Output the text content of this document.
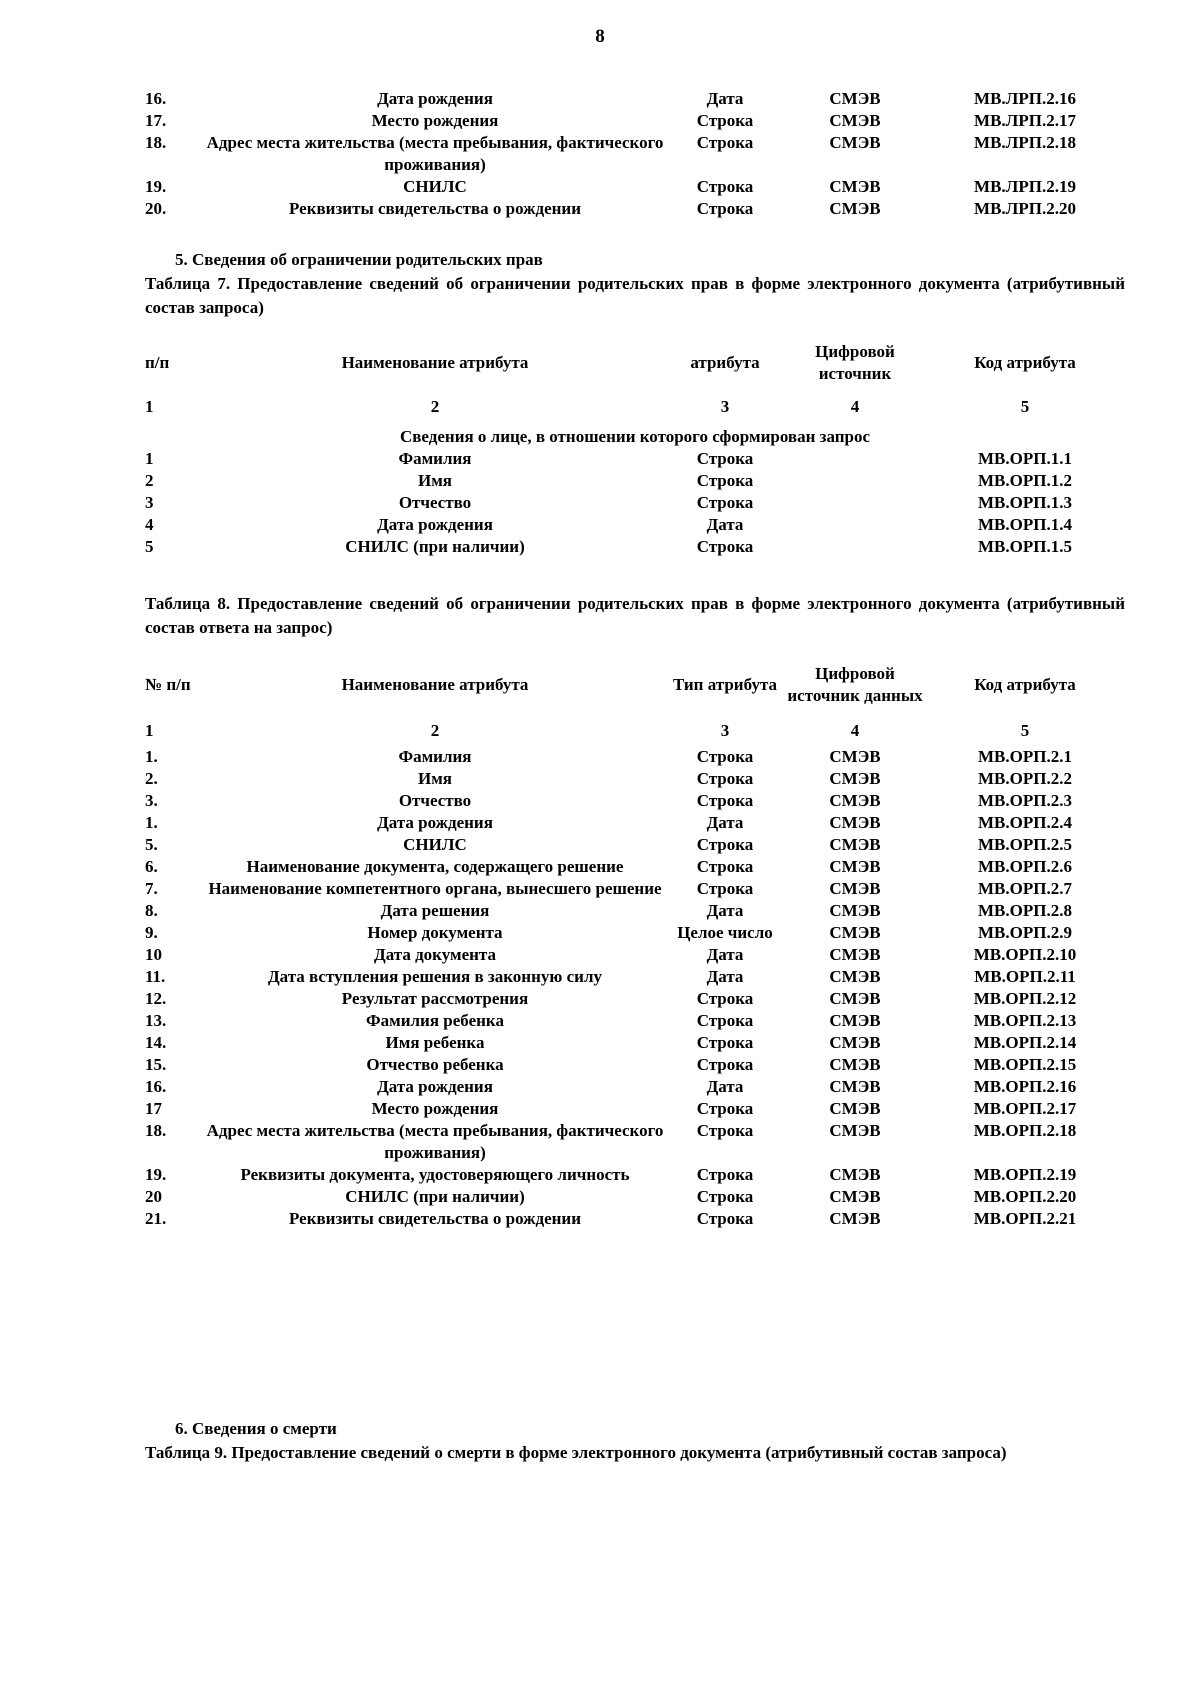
8
16.	Дата рождения	Дата	СМЭВ	МВ.ЛРП.2.16
17.	Место рождения	Строка	СМЭВ	МВ.ЛРП.2.17
18.	Адрес места жительства (места пребывания, фактического проживания)	Строка	СМЭВ	МВ.ЛРП.2.18
19.	СНИЛС	Строка	СМЭВ	МВ.ЛРП.2.19
20.	Реквизиты свидетельства о рождении	Строка	СМЭВ	МВ.ЛРП.2.20
5. Сведения об ограничении родительских прав
Таблица 7. Предоставление сведений об ограничении родительских прав в форме электронного документа (атрибутивный состав запроса)
п/п	Наименование атрибута	атрибута	Цифровой источник	Код атрибута
1	2	3	4	5
Сведения о лице, в отношении которого сформирован запрос				
1	Фамилия	Строка		МВ.ОРП.1.1
2	Имя	Строка		МВ.ОРП.1.2
3	Отчество	Строка		МВ.ОРП.1.3
4	Дата рождения	Дата		МВ.ОРП.1.4
5	СНИЛС (при наличии)	Строка		МВ.ОРП.1.5
Таблица 8. Предоставление сведений об ограничении родительских прав в форме электронного документа (атрибутивный состав ответа на запрос)
№ п/п	Наименование атрибута	Тип атрибута	Цифровой источник данных	Код атрибута
1	2	3	4	5
1.	Фамилия	Строка	СМЭВ	МВ.ОРП.2.1
2.	Имя	Строка	СМЭВ	МВ.ОРП.2.2
3.	Отчество	Строка	СМЭВ	МВ.ОРП.2.3
1.	Дата рождения	Дата	СМЭВ	МВ.ОРП.2.4
5.	СНИЛС	Строка	СМЭВ	МВ.ОРП.2.5
6.	Наименование документа, содержащего решение	Строка	СМЭВ	МВ.ОРП.2.6
7.	Наименование компетентного органа, вынесшего решение	Строка	СМЭВ	МВ.ОРП.2.7
8.	Дата решения	Дата	СМЭВ	МВ.ОРП.2.8
9.	Номер документа	Целое число	СМЭВ	МВ.ОРП.2.9
10	Дата документа	Дата	СМЭВ	МВ.ОРП.2.10
11.	Дата вступления решения в законную силу	Дата	СМЭВ	МВ.ОРП.2.11
12.	Результат рассмотрения	Строка	СМЭВ	МВ.ОРП.2.12
13.	Фамилия ребенка	Строка	СМЭВ	МВ.ОРП.2.13
14.	Имя ребенка	Строка	СМЭВ	МВ.ОРП.2.14
15.	Отчество ребенка	Строка	СМЭВ	МВ.ОРП.2.15
16.	Дата рождения	Дата	СМЭВ	МВ.ОРП.2.16
17	Место рождения	Строка	СМЭВ	МВ.ОРП.2.17
18.	Адрес места жительства (места пребывания, фактического проживания)	Строка	СМЭВ	МВ.ОРП.2.18
19.	Реквизиты документа, удостоверяющего личность	Строка	СМЭВ	МВ.ОРП.2.19
20	СНИЛС (при наличии)	Строка	СМЭВ	МВ.ОРП.2.20
21.	Реквизиты свидетельства о рождении	Строка	СМЭВ	МВ.ОРП.2.21
6. Сведения о смерти
Таблица 9. Предоставление сведений о смерти в форме электронного документа (атрибутивный состав запроса)
